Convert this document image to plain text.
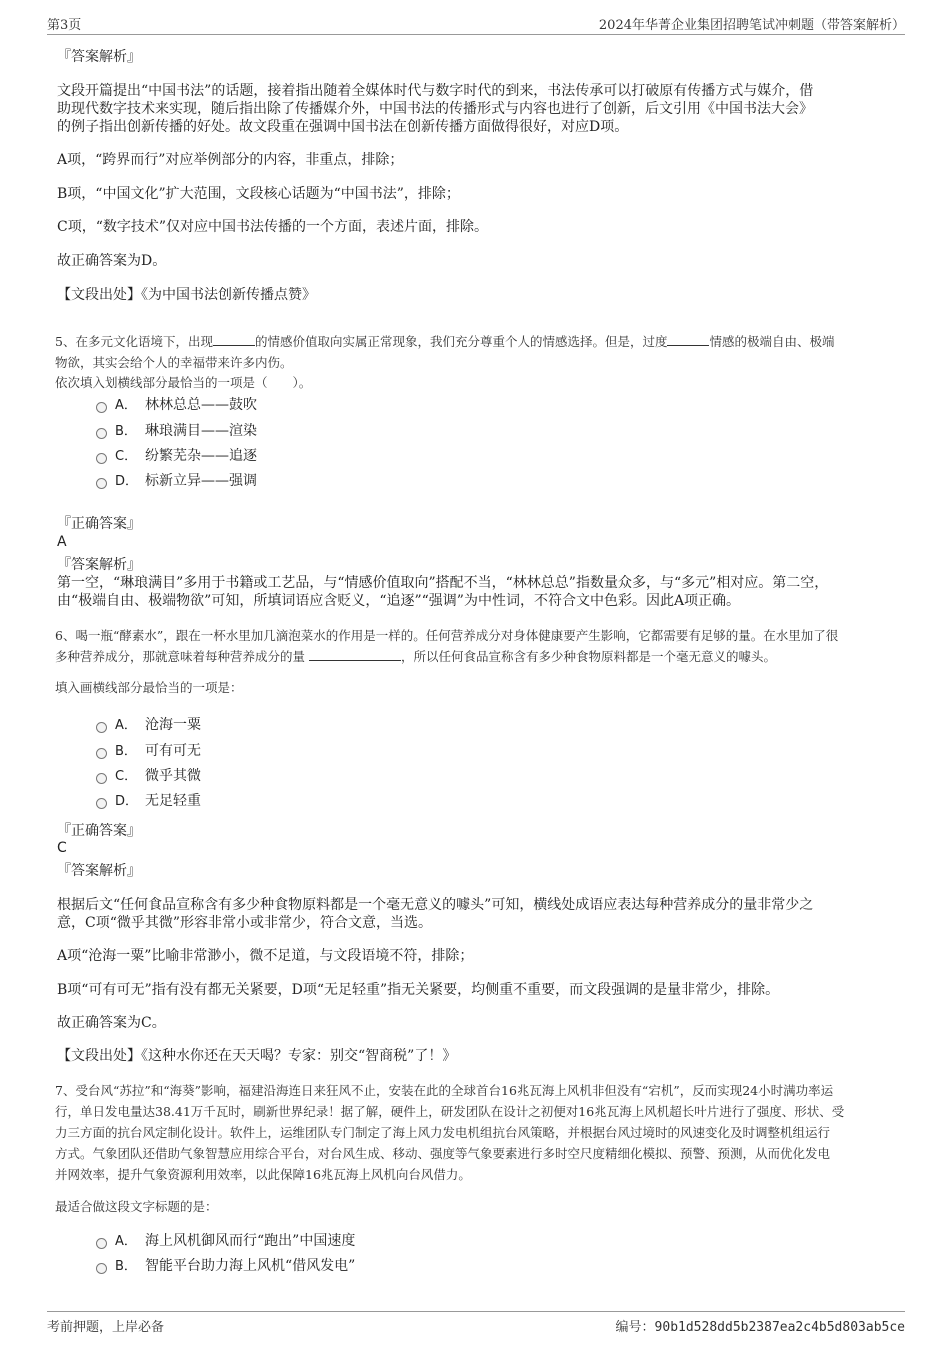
第3页	2024年华菁企业集团招聘笔试冲刺题（带答案解析）
『答案解析』
文段开篇提出“中国书法”的话题，接着指出随着全媒体时代与数字时代的到来，书法传承可以打破原有传播方式与媒介，借
助现代数字技术来实现，随后指出除了传播媒介外，中国书法的传播形式与内容也进行了创新，后文引用《中国书法大会》
的例子指出创新传播的好处。故文段重在强调中国书法在创新传播方面做得很好，对应D项。
A项，“跨界而行”对应举例部分的内容，非重点，排除；
B项，“中国文化”扩大范围，文段核心话题为“中国书法”，排除；
C项，“数字技术”仅对应中国书法传播的一个方面，表述片面，排除。
故正确答案为D。
【文段出处】《为中国书法创新传播点赞》
5、在多元文化语境下，出现	的情感价值取向实属正常现象，我们充分尊重个人的情感选择。但是，过度	情感的极端自由、极端
物欲，其实会给个人的幸福带来许多内伤。
依次填入划横线部分最恰当的一项是（　　）。
A． 林林总总——鼓吹
B． 琳琅满目——渲染
C． 纷繁芜杂——追逐
D． 标新立异——强调
『正确答案』
A
『答案解析』
第一空，“琳琅满目”多用于书籍或工艺品，与“情感价值取向”搭配不当，“林林总总”指数量众多，与“多元”相对应。第二空，
由“极端自由、极端物欲”可知，所填词语应含贬义，“追逐”“强调”为中性词，不符合文中色彩。因此A项正确。
6、喝一瓶“酵素水”，跟在一杯水里加几滴泡菜水的作用是一样的。任何营养成分对身体健康要产生影响，它都需要有足够的量。在水里加了很
多种营养成分，那就意味着每种营养成分的量	，所以任何食品宣称含有多少种食物原料都是一个毫无意义的噱头。
填入画横线部分最恰当的一项是：
A． 沧海一粟
B． 可有可无
C． 微乎其微
D． 无足轻重
『正确答案』
C
『答案解析』
根据后文“任何食品宣称含有多少种食物原料都是一个毫无意义的噱头”可知，横线处成语应表达每种营养成分的量非常少之
意，C项“微乎其微”形容非常小或非常少，符合文意，当选。
A项“沧海一粟”比喻非常渺小，微不足道，与文段语境不符，排除；
B项“可有可无”指有没有都无关紧要，D项“无足轻重”指无关紧要，均侧重不重要，而文段强调的是量非常少，排除。
故正确答案为C。
【文段出处】《这种水你还在天天喝？专家：别交“智商税”了！》
7、受台风“苏拉”和“海葵”影响，福建沿海连日来狂风不止，安装在此的全球首台16兆瓦海上风机非但没有“宕机”，反而实现24小时满功率运
行，单日发电量达38.41万千瓦时，刷新世界纪录！据了解，硬件上，研发团队在设计之初便对16兆瓦海上风机超长叶片进行了强度、形状、受
力三方面的抗台风定制化设计。软件上，运维团队专门制定了海上风力发电机组抗台风策略，并根据台风过境时的风速变化及时调整机组运行
方式。气象团队还借助气象智慧应用综合平台，对台风生成、移动、强度等气象要素进行多时空尺度精细化模拟、预警、预测，从而优化发电
并网效率，提升气象资源利用效率，以此保障16兆瓦海上风机向台风借力。
最适合做这段文字标题的是：
A． 海上风机御风而行“跑出”中国速度
B． 智能平台助力海上风机“借风发电”
考前押题，上岸必备	编号：90b1d528dd5b2387ea2c4b5d803ab5ce
